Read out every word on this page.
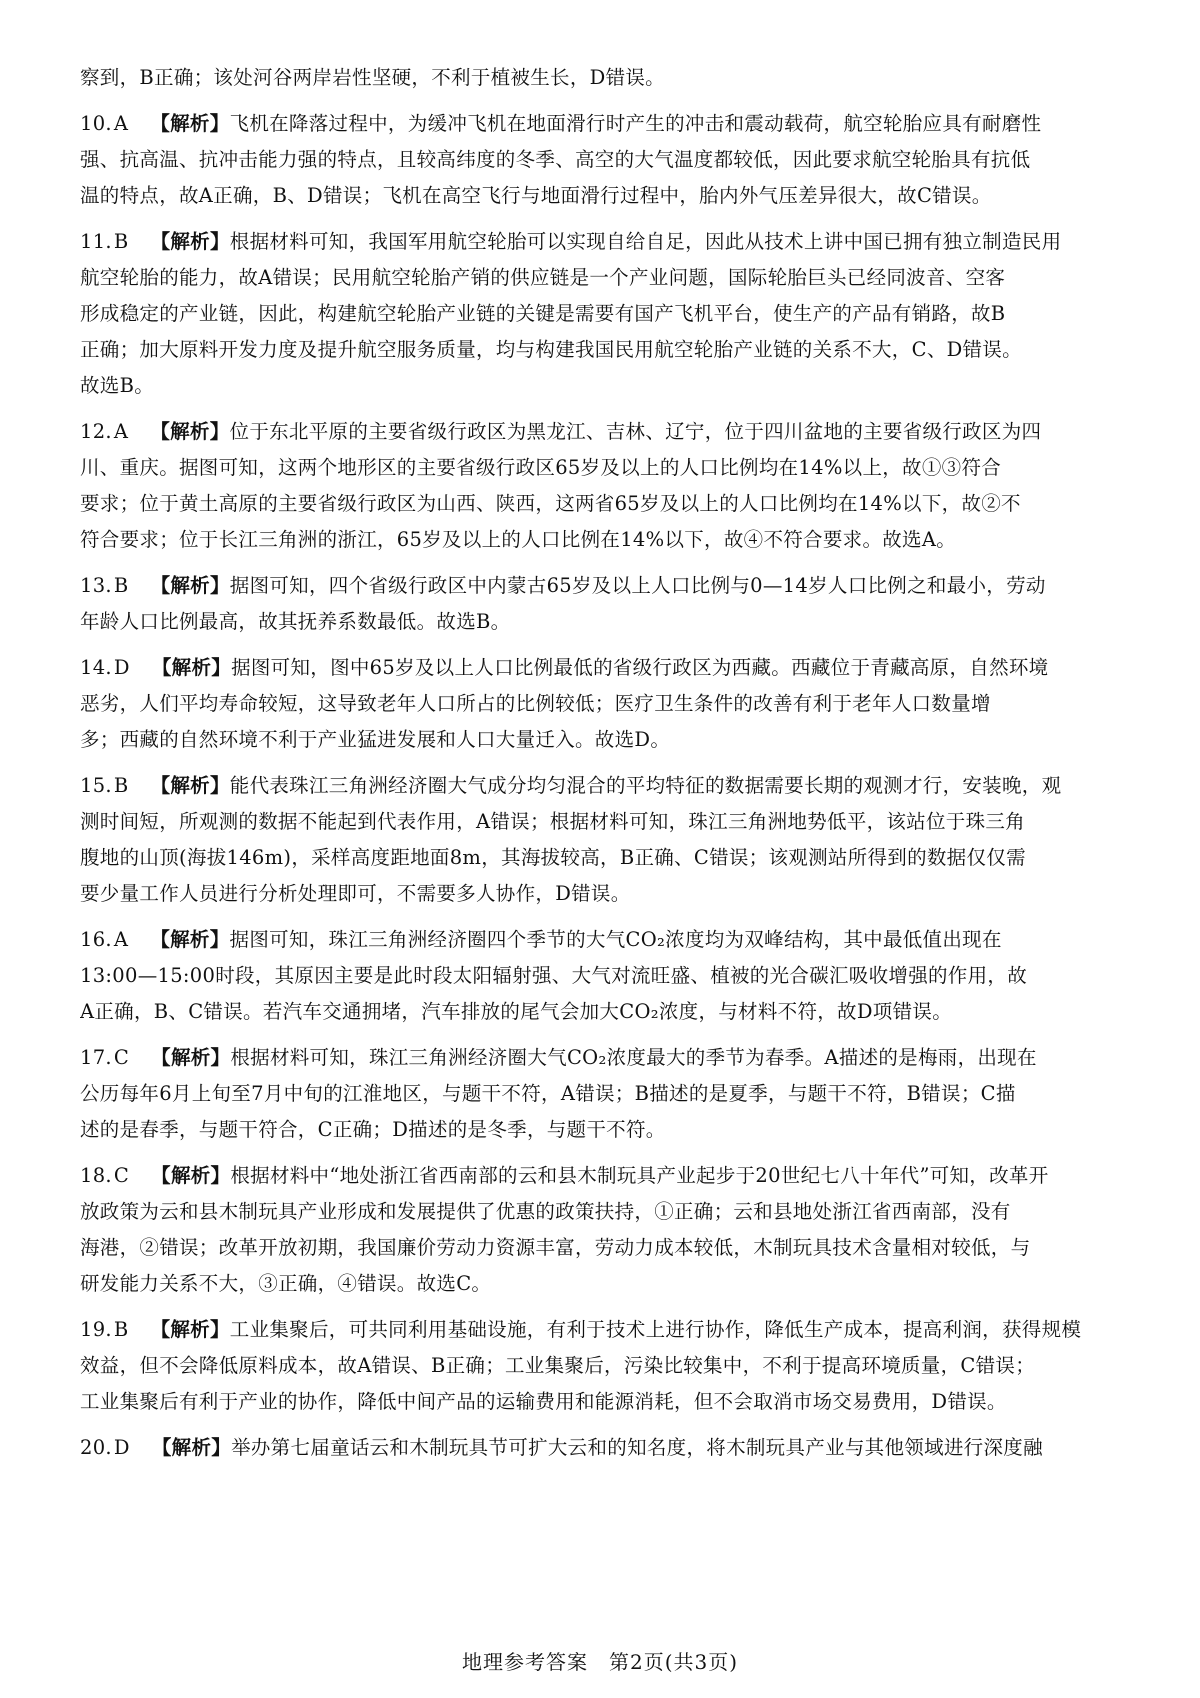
察到，B正确；该处河谷两岸岩性坚硬，不利于植被生长，D错误。
10. A 【解析】飞机在降落过程中，为缓冲飞机在地面滑行时产生的冲击和震动载荷，航空轮胎应具有耐磨性
强、抗高温、抗冲击能力强的特点，且较高纬度的冬季、高空的大气温度都较低，因此要求航空轮胎具有抗低
温的特点，故A正确，B、D错误；飞机在高空飞行与地面滑行过程中，胎内外气压差异很大，故C错误。
11. B 【解析】根据材料可知，我国军用航空轮胎可以实现自给自足，因此从技术上讲中国已拥有独立制造民用
航空轮胎的能力，故A错误；民用航空轮胎产销的供应链是一个产业问题，国际轮胎巨头已经同波音、空客
形成稳定的产业链，因此，构建航空轮胎产业链的关键是需要有国产飞机平台，使生产的产品有销路，故B
正确；加大原料开发力度及提升航空服务质量，均与构建我国民用航空轮胎产业链的关系不大，C、D错误。
故选B。
12. A 【解析】位于东北平原的主要省级行政区为黑龙江、吉林、辽宁，位于四川盆地的主要省级行政区为四
川、重庆。据图可知，这两个地形区的主要省级行政区65岁及以上的人口比例均在14%以上，故①③符合
要求；位于黄土高原的主要省级行政区为山西、陕西，这两省65岁及以上的人口比例均在14%以下，故②不
符合要求；位于长江三角洲的浙江，65岁及以上的人口比例在14%以下，故④不符合要求。故选A。
13. B 【解析】据图可知，四个省级行政区中内蒙古65岁及以上人口比例与0—14岁人口比例之和最小，劳动
年龄人口比例最高，故其抚养系数最低。故选B。
14. D 【解析】据图可知，图中65岁及以上人口比例最低的省级行政区为西藏。西藏位于青藏高原，自然环境
恶劣，人们平均寿命较短，这导致老年人口所占的比例较低；医疗卫生条件的改善有利于老年人口数量增
多；西藏的自然环境不利于产业猛进发展和人口大量迁入。故选D。
15. B 【解析】能代表珠江三角洲经济圈大气成分均匀混合的平均特征的数据需要长期的观测才行，安装晚，观
测时间短，所观测的数据不能起到代表作用，A错误；根据材料可知，珠江三角洲地势低平，该站位于珠三角
腹地的山顶(海拔146m)，采样高度距地面8m，其海拔较高，B正确、C错误；该观测站所得到的数据仅仅需
要少量工作人员进行分析处理即可，不需要多人协作，D错误。
16. A 【解析】据图可知，珠江三角洲经济圈四个季节的大气CO₂浓度均为双峰结构，其中最低值出现在
13:00—15:00时段，其原因主要是此时段太阳辐射强、大气对流旺盛、植被的光合碳汇吸收增强的作用，故
A正确，B、C错误。若汽车交通拥堵，汽车排放的尾气会加大CO₂浓度，与材料不符，故D项错误。
17. C 【解析】根据材料可知，珠江三角洲经济圈大气CO₂浓度最大的季节为春季。A描述的是梅雨，出现在
公历每年6月上旬至7月中旬的江淮地区，与题干不符，A错误；B描述的是夏季，与题干不符，B错误；C描
述的是春季，与题干符合，C正确；D描述的是冬季，与题干不符。
18. C 【解析】根据材料中“地处浙江省西南部的云和县木制玩具产业起步于20世纪七八十年代”可知，改革开
放政策为云和县木制玩具产业形成和发展提供了优惠的政策扶持，①正确；云和县地处浙江省西南部，没有
海港，②错误；改革开放初期，我国廉价劳动力资源丰富，劳动力成本较低，木制玩具技术含量相对较低，与
研发能力关系不大，③正确，④错误。故选C。
19. B 【解析】工业集聚后，可共同利用基础设施，有利于技术上进行协作，降低生产成本，提高利润，获得规模
效益，但不会降低原料成本，故A错误、B正确；工业集聚后，污染比较集中，不利于提高环境质量，C错误；
工业集聚后有利于产业的协作，降低中间产品的运输费用和能源消耗，但不会取消市场交易费用，D错误。
20. D 【解析】举办第七届童话云和木制玩具节可扩大云和的知名度，将木制玩具产业与其他领域进行深度融
地理参考答案　第2页(共3页)
